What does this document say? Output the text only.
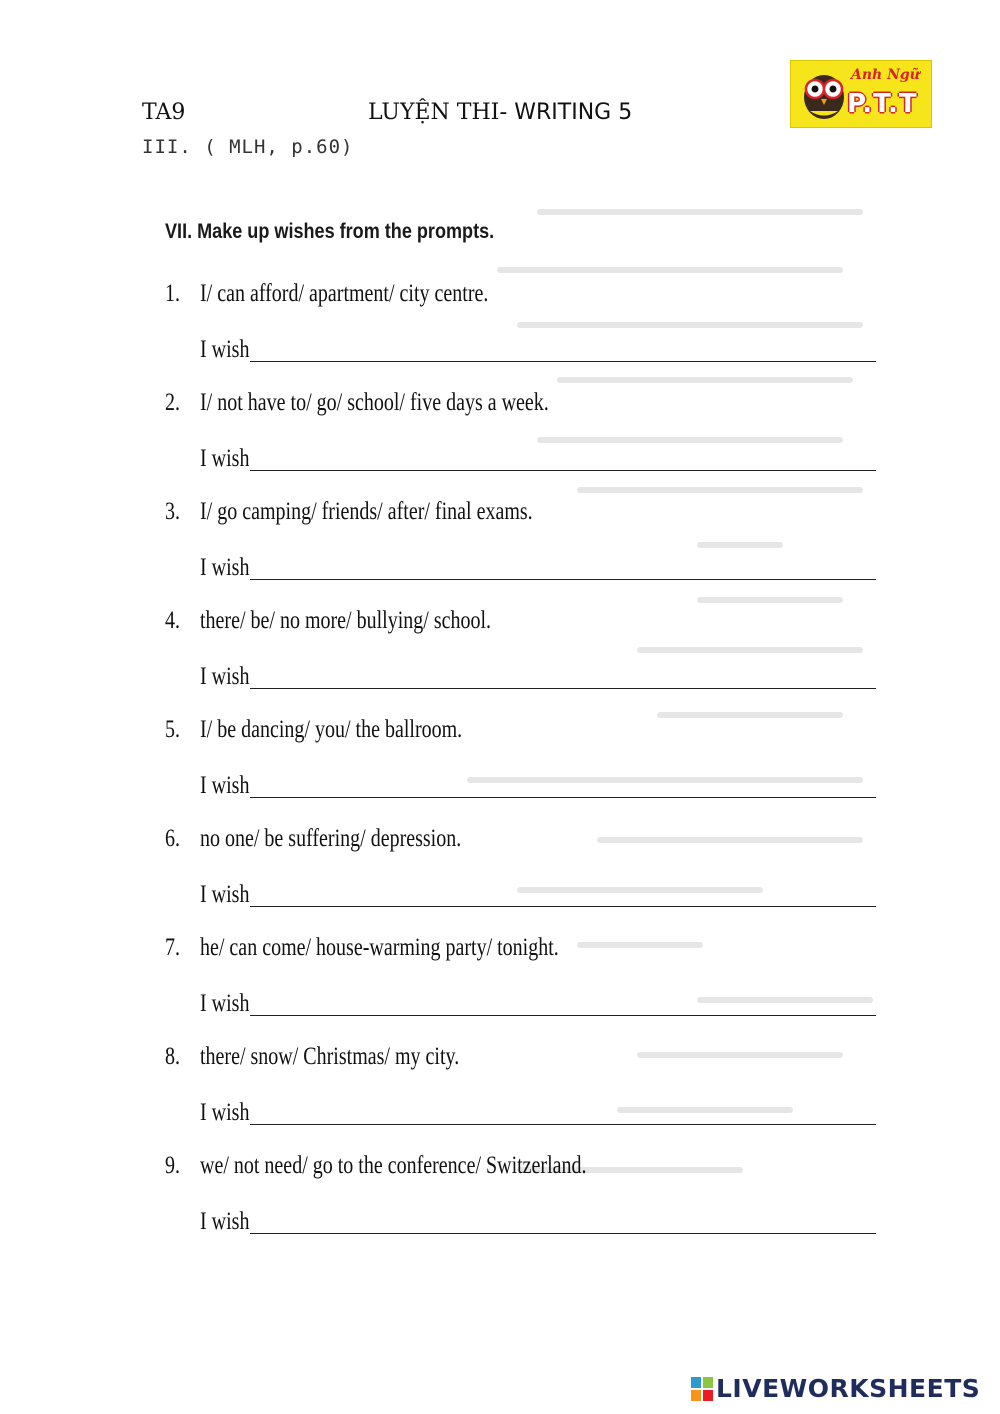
TA9	LUYỆN THI- WRITING 5
III. ( MLH, p.60)
Anh Ngữ
P.T.T
VII. Make up wishes from the prompts.
1. I/ can afford/ apartment/ city centre.
I wish
2. I/ not have to/ go/ school/ five days a week.
I wish
3. I/ go camping/ friends/ after/ final exams.
I wish
4. there/ be/ no more/ bullying/ school.
I wish
5. I/ be dancing/ you/ the ballroom.
I wish
6. no one/ be suffering/ depression.
I wish
7. he/ can come/ house-warming party/ tonight.
I wish
8. there/ snow/ Christmas/ my city.
I wish
9. we/ not need/ go to the conference/ Switzerland.
I wish
LIVEWORKSHEETS
